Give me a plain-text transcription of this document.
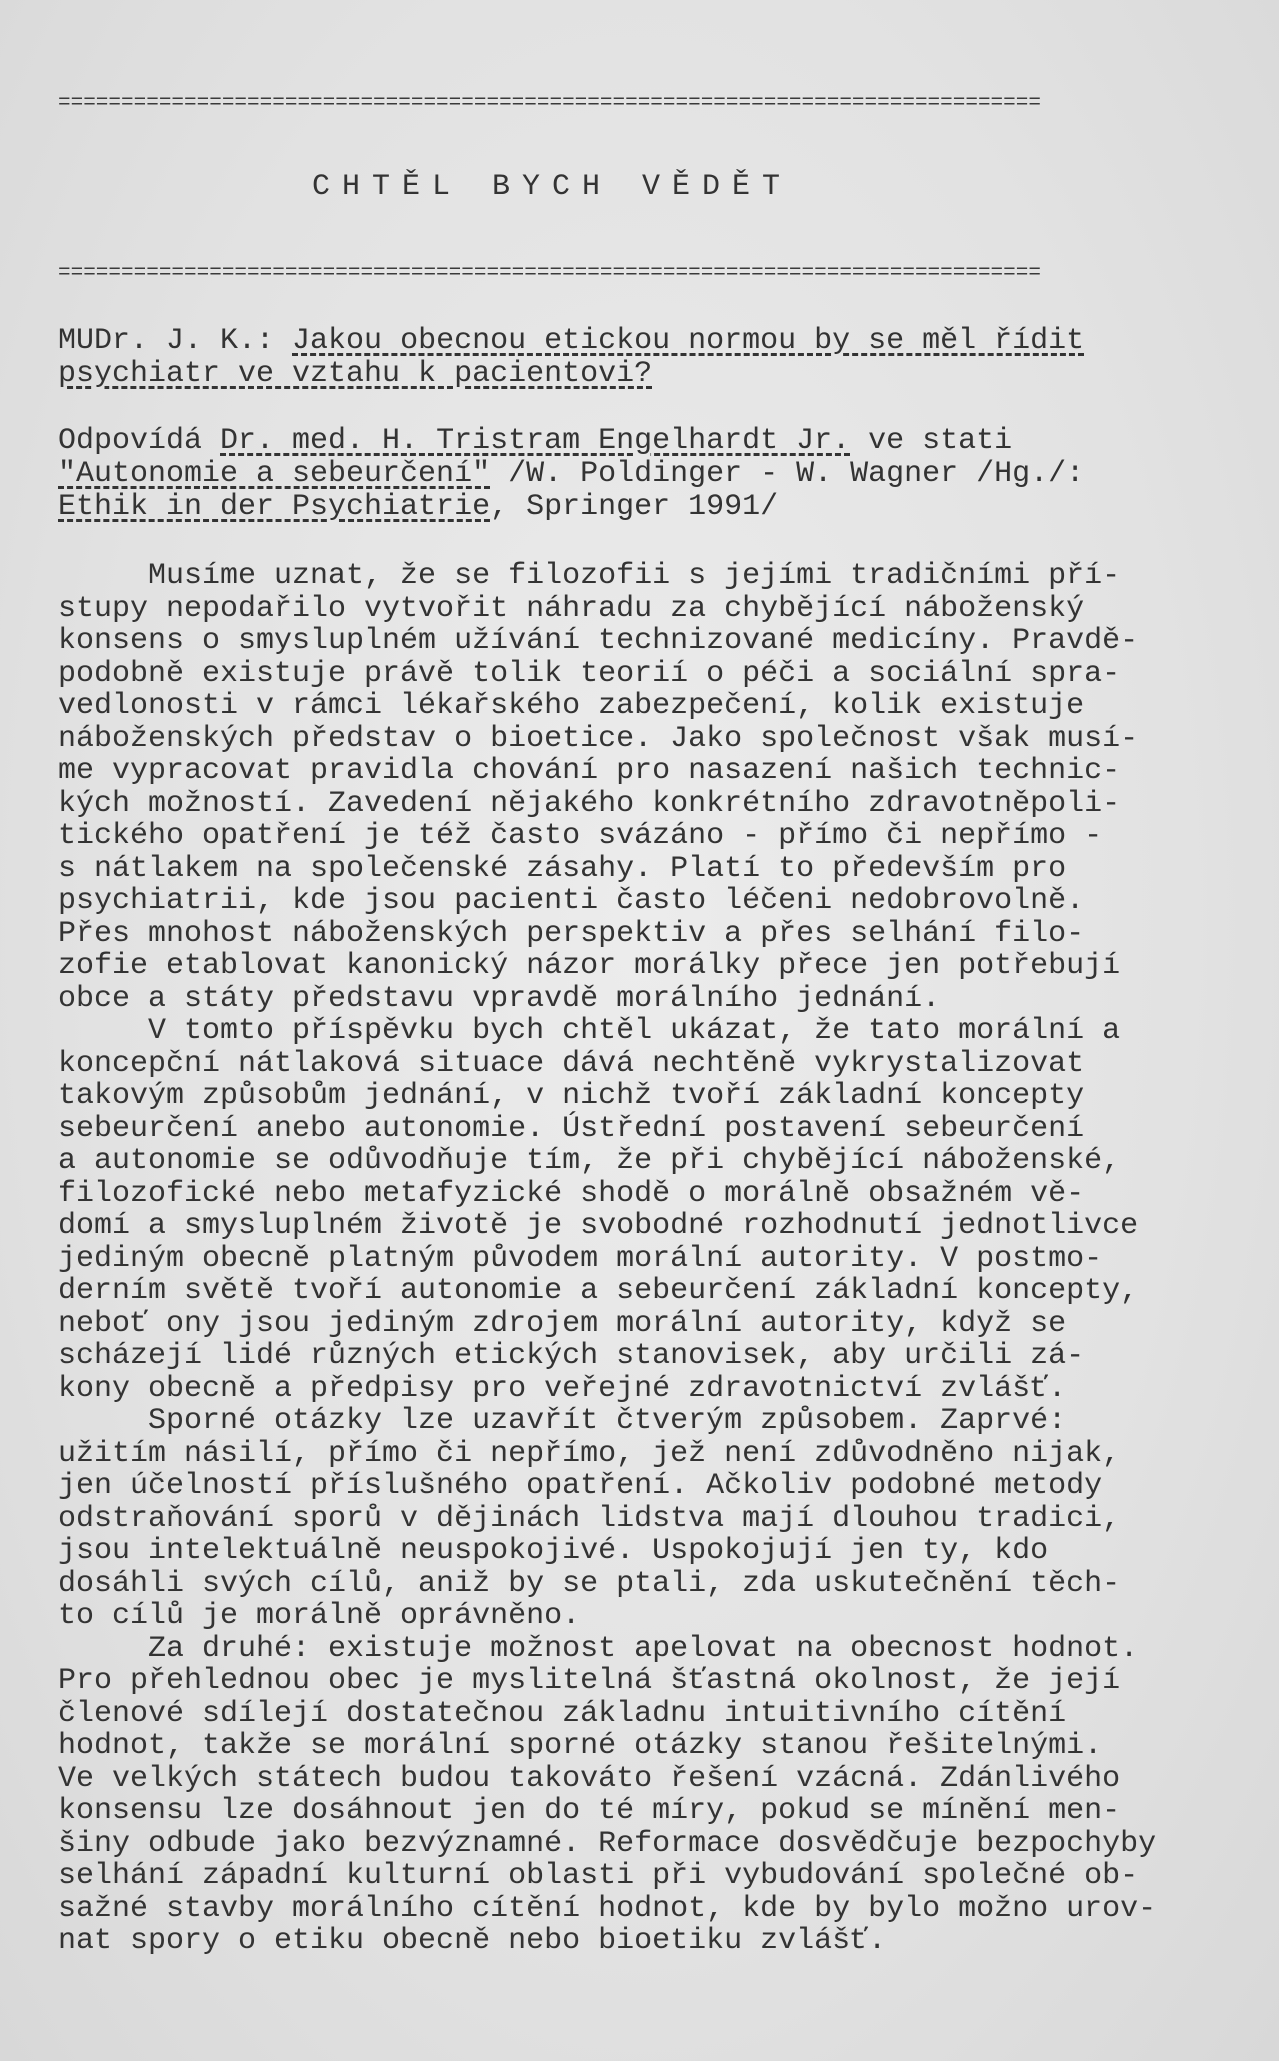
==============================================================================
CHTĚL BYCH VĚDĚT
==============================================================================
MUDr. J. K.: Jakou obecnou etickou normou by se měl řídit
psychiatr ve vztahu k pacientovi?
Odpovídá Dr. med. H. Tristram Engelhardt Jr. ve stati
"Autonomie a sebeurčení" /W. Poldinger - W. Wagner /Hg./:
Ethik in der Psychiatrie, Springer 1991/
Musíme uznat, že se filozofii s jejími tradičními pří-
stupy nepodařilo vytvořit náhradu za chybějící náboženský
konsens o smysluplném užívání technizované medicíny. Pravdě-
podobně existuje právě tolik teorií o péči a sociální spra-
vedlonosti v rámci lékařského zabezpečení, kolik existuje
náboženských představ o bioetice. Jako společnost však musí-
me vypracovat pravidla chování pro nasazení našich technic-
kých možností. Zavedení nějakého konkrétního zdravotněpoli-
tického opatření je též často svázáno - přímo či nepřímo -
s nátlakem na společenské zásahy. Platí to především pro
psychiatrii, kde jsou pacienti často léčeni nedobrovolně.
Přes mnohost náboženských perspektiv a přes selhání filo-
zofie etablovat kanonický názor morálky přece jen potřebují
obce a státy představu vpravdě morálního jednání.
V tomto příspěvku bych chtěl ukázat, že tato morální a
koncepční nátlaková situace dává nechtěně vykrystalizovat
takovým způsobům jednání, v nichž tvoří základní koncepty
sebeurčení anebo autonomie. Ústřední postavení sebeurčení
a autonomie se odůvodňuje tím, že při chybějící náboženské,
filozofické nebo metafyzické shodě o morálně obsažném vě-
domí a smysluplném životě je svobodné rozhodnutí jednotlivce
jediným obecně platným původem morální autority. V postmo-
derním světě tvoří autonomie a sebeurčení základní koncepty,
neboť ony jsou jediným zdrojem morální autority, když se
scházejí lidé různých etických stanovisek, aby určili zá-
kony obecně a předpisy pro veřejné zdravotnictví zvlášť.
Sporné otázky lze uzavřít čtverým způsobem. Zaprvé:
užitím násilí, přímo či nepřímo, jež není zdůvodněno nijak,
jen účelností příslušného opatření. Ačkoliv podobné metody
odstraňování sporů v dějinách lidstva mají dlouhou tradici,
jsou intelektuálně neuspokojivé. Uspokojují jen ty, kdo
dosáhli svých cílů, aniž by se ptali, zda uskutečnění těch-
to cílů je morálně oprávněno.
Za druhé: existuje možnost apelovat na obecnost hodnot.
Pro přehlednou obec je myslitelná šťastná okolnost, že její
členové sdílejí dostatečnou základnu intuitivního cítění
hodnot, takže se morální sporné otázky stanou řešitelnými.
Ve velkých státech budou takováto řešení vzácná. Zdánlivého
konsensu lze dosáhnout jen do té míry, pokud se mínění men-
šiny odbude jako bezvýznamné. Reformace dosvědčuje bezpochyby
selhání západní kulturní oblasti při vybudování společné ob-
sažné stavby morálního cítění hodnot, kde by bylo možno urov-
nat spory o etiku obecně nebo bioetiku zvlášť.
